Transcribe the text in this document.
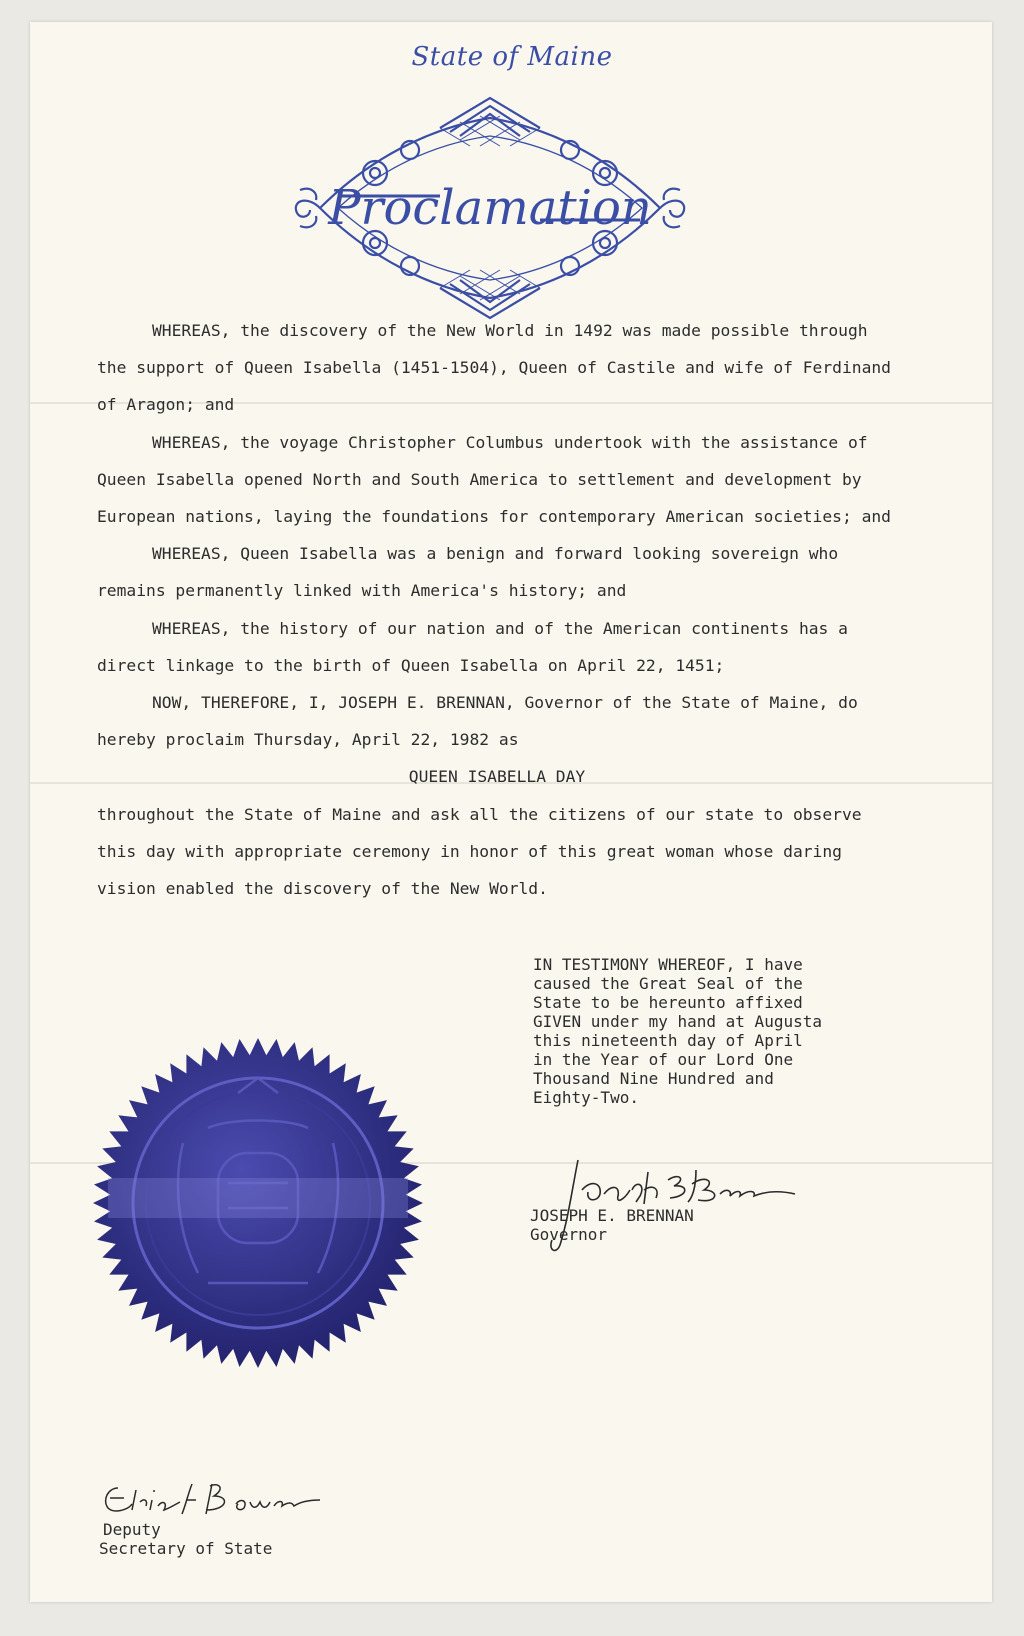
State of Maine
Proclamation

WHEREAS, the discovery of the New World in 1492 was made possible through the support of Queen Isabella (1451-1504), Queen of Castile and wife of Ferdinand of Aragon; and

WHEREAS, the voyage Christopher Columbus undertook with the assistance of Queen Isabella opened North and South America to settlement and development by European nations, laying the foundations for contemporary American societies; and

WHEREAS, Queen Isabella was a benign and forward looking sovereign who remains permanently linked with America's history; and

WHEREAS, the history of our nation and of the American continents has a direct linkage to the birth of Queen Isabella on April 22, 1451;

NOW, THEREFORE, I, JOSEPH E. BRENNAN, Governor of the State of Maine, do hereby proclaim Thursday, April 22, 1982 as

QUEEN ISABELLA DAY

throughout the State of Maine and ask all the citizens of our state to observe this day with appropriate ceremony in honor of this great woman whose daring vision enabled the discovery of the New World.

IN TESTIMONY WHEREOF, I have
caused the Great Seal of the
State to be hereunto affixed
GIVEN under my hand at Augusta
this nineteenth day of April
in the Year of our Lord One
Thousand Nine Hundred and
Eighty-Two.
JOSEPH E. BRENNAN
Governor
Deputy
Secretary of State
